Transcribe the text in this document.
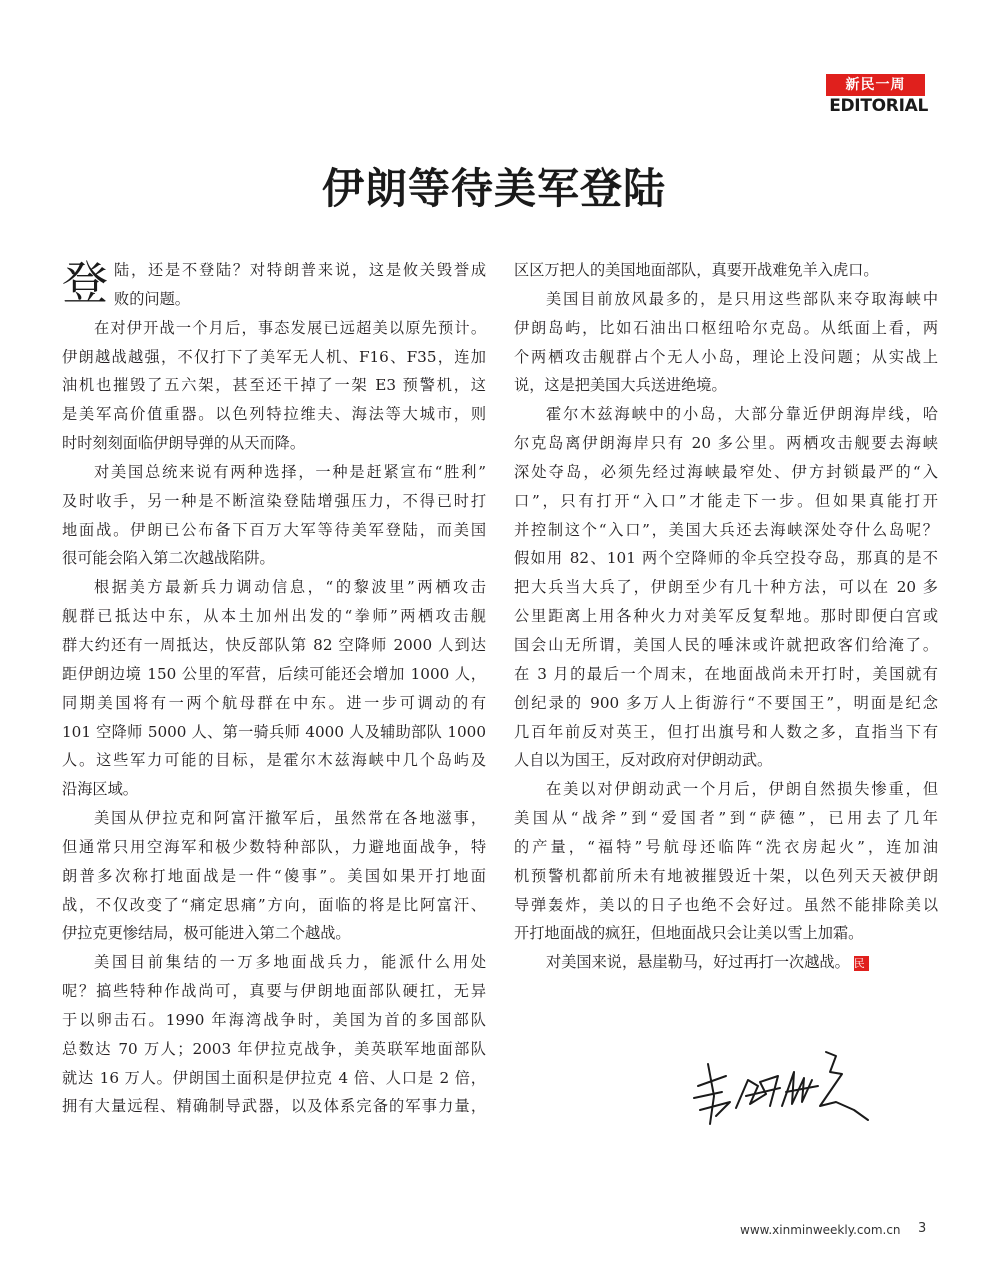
新民一周
EDITORIAL
伊朗等待美军登陆
登 陆，还是不登陆？对特朗普来说，这是攸关毁誉成
败的问题。
在对伊开战一个月后，事态发展已远超美以原先预计。
伊朗越战越强，不仅打下了美军无人机、F16、F35，连加
油机也摧毁了五六架，甚至还干掉了一架 E3 预警机，这
是美军高价值重器。以色列特拉维夫、海法等大城市，则
时时刻刻面临伊朗导弹的从天而降。
对美国总统来说有两种选择，一种是赶紧宣布“胜利”
及时收手，另一种是不断渲染登陆增强压力，不得已时打
地面战。伊朗已公布备下百万大军等待美军登陆，而美国
很可能会陷入第二次越战陷阱。
根据美方最新兵力调动信息，“的黎波里”两栖攻击
舰群已抵达中东，从本土加州出发的“拳师”两栖攻击舰
群大约还有一周抵达，快反部队第 82 空降师 2000 人到达
距伊朗边境 150 公里的军营，后续可能还会增加 1000 人，
同期美国将有一两个航母群在中东。进一步可调动的有
101 空降师 5000 人、第一骑兵师 4000 人及辅助部队 1000
人。这些军力可能的目标，是霍尔木兹海峡中几个岛屿及
沿海区域。
美国从伊拉克和阿富汗撤军后，虽然常在各地滋事，
但通常只用空海军和极少数特种部队，力避地面战争，特
朗普多次称打地面战是一件“傻事”。美国如果开打地面
战，不仅改变了“痛定思痛”方向，面临的将是比阿富汗、
伊拉克更惨结局，极可能进入第二个越战。
美国目前集结的一万多地面战兵力，能派什么用处
呢？搞些特种作战尚可，真要与伊朗地面部队硬扛，无异
于以卵击石。1990 年海湾战争时，美国为首的多国部队
总数达 70 万人；2003 年伊拉克战争，美英联军地面部队
就达 16 万人。伊朗国土面积是伊拉克 4 倍、人口是 2 倍，
拥有大量远程、精确制导武器，以及体系完备的军事力量，
区区万把人的美国地面部队，真要开战难免羊入虎口。
美国目前放风最多的，是只用这些部队来夺取海峡中
伊朗岛屿，比如石油出口枢纽哈尔克岛。从纸面上看，两
个两栖攻击舰群占个无人小岛，理论上没问题；从实战上
说，这是把美国大兵送进绝境。
霍尔木兹海峡中的小岛，大部分靠近伊朗海岸线，哈
尔克岛离伊朗海岸只有 20 多公里。两栖攻击舰要去海峡
深处夺岛，必须先经过海峡最窄处、伊方封锁最严的“入
口”，只有打开“入口”才能走下一步。但如果真能打开
并控制这个“入口”，美国大兵还去海峡深处夺什么岛呢？
假如用 82、101 两个空降师的伞兵空投夺岛，那真的是不
把大兵当大兵了，伊朗至少有几十种方法，可以在 20 多
公里距离上用各种火力对美军反复犁地。那时即便白宫或
国会山无所谓，美国人民的唾沫或许就把政客们给淹了。
在 3 月的最后一个周末，在地面战尚未开打时，美国就有
创纪录的 900 多万人上街游行“不要国王”，明面是纪念
几百年前反对英王，但打出旗号和人数之多，直指当下有
人自以为国王，反对政府对伊朗动武。
在美以对伊朗动武一个月后，伊朗自然损失惨重，但
美国从“战斧”到“爱国者”到“萨德”，已用去了几年
的产量，“福特”号航母还临阵“洗衣房起火”，连加油
机预警机都前所未有地被摧毁近十架，以色列天天被伊朗
导弹轰炸，美以的日子也绝不会好过。虽然不能排除美以
开打地面战的疯狂，但地面战只会让美以雪上加霜。
对美国来说，悬崖勒马，好过再打一次越战。 民
www.xinminweekly.com.cn 3
